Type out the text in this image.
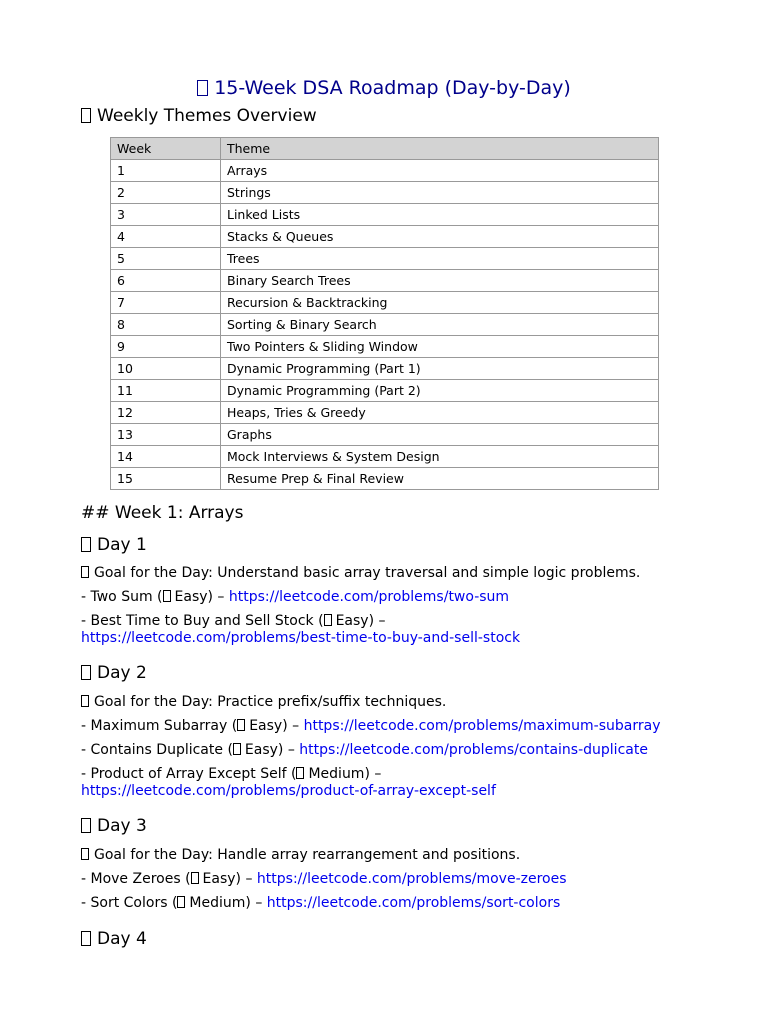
15-Week DSA Roadmap (Day-by-Day)
Weekly Themes Overview
Week	Theme
1	Arrays
2	Strings
3	Linked Lists
4	Stacks & Queues
5	Trees
6	Binary Search Trees
7	Recursion & Backtracking
8	Sorting & Binary Search
9	Two Pointers & Sliding Window
10	Dynamic Programming (Part 1)
11	Dynamic Programming (Part 2)
12	Heaps, Tries & Greedy
13	Graphs
14	Mock Interviews & System Design
15	Resume Prep & Final Review
## Week 1: Arrays
Day 1
Goal for the Day: Understand basic array traversal and simple logic problems.
- Two Sum ( Easy) – https://leetcode.com/problems/two-sum
- Best Time to Buy and Sell Stock ( Easy) –
https://leetcode.com/problems/best-time-to-buy-and-sell-stock
Day 2
Goal for the Day: Practice prefix/suffix techniques.
- Maximum Subarray ( Easy) – https://leetcode.com/problems/maximum-subarray
- Contains Duplicate ( Easy) – https://leetcode.com/problems/contains-duplicate
- Product of Array Except Self ( Medium) –
https://leetcode.com/problems/product-of-array-except-self
Day 3
Goal for the Day: Handle array rearrangement and positions.
- Move Zeroes ( Easy) – https://leetcode.com/problems/move-zeroes
- Sort Colors ( Medium) – https://leetcode.com/problems/sort-colors
Day 4
